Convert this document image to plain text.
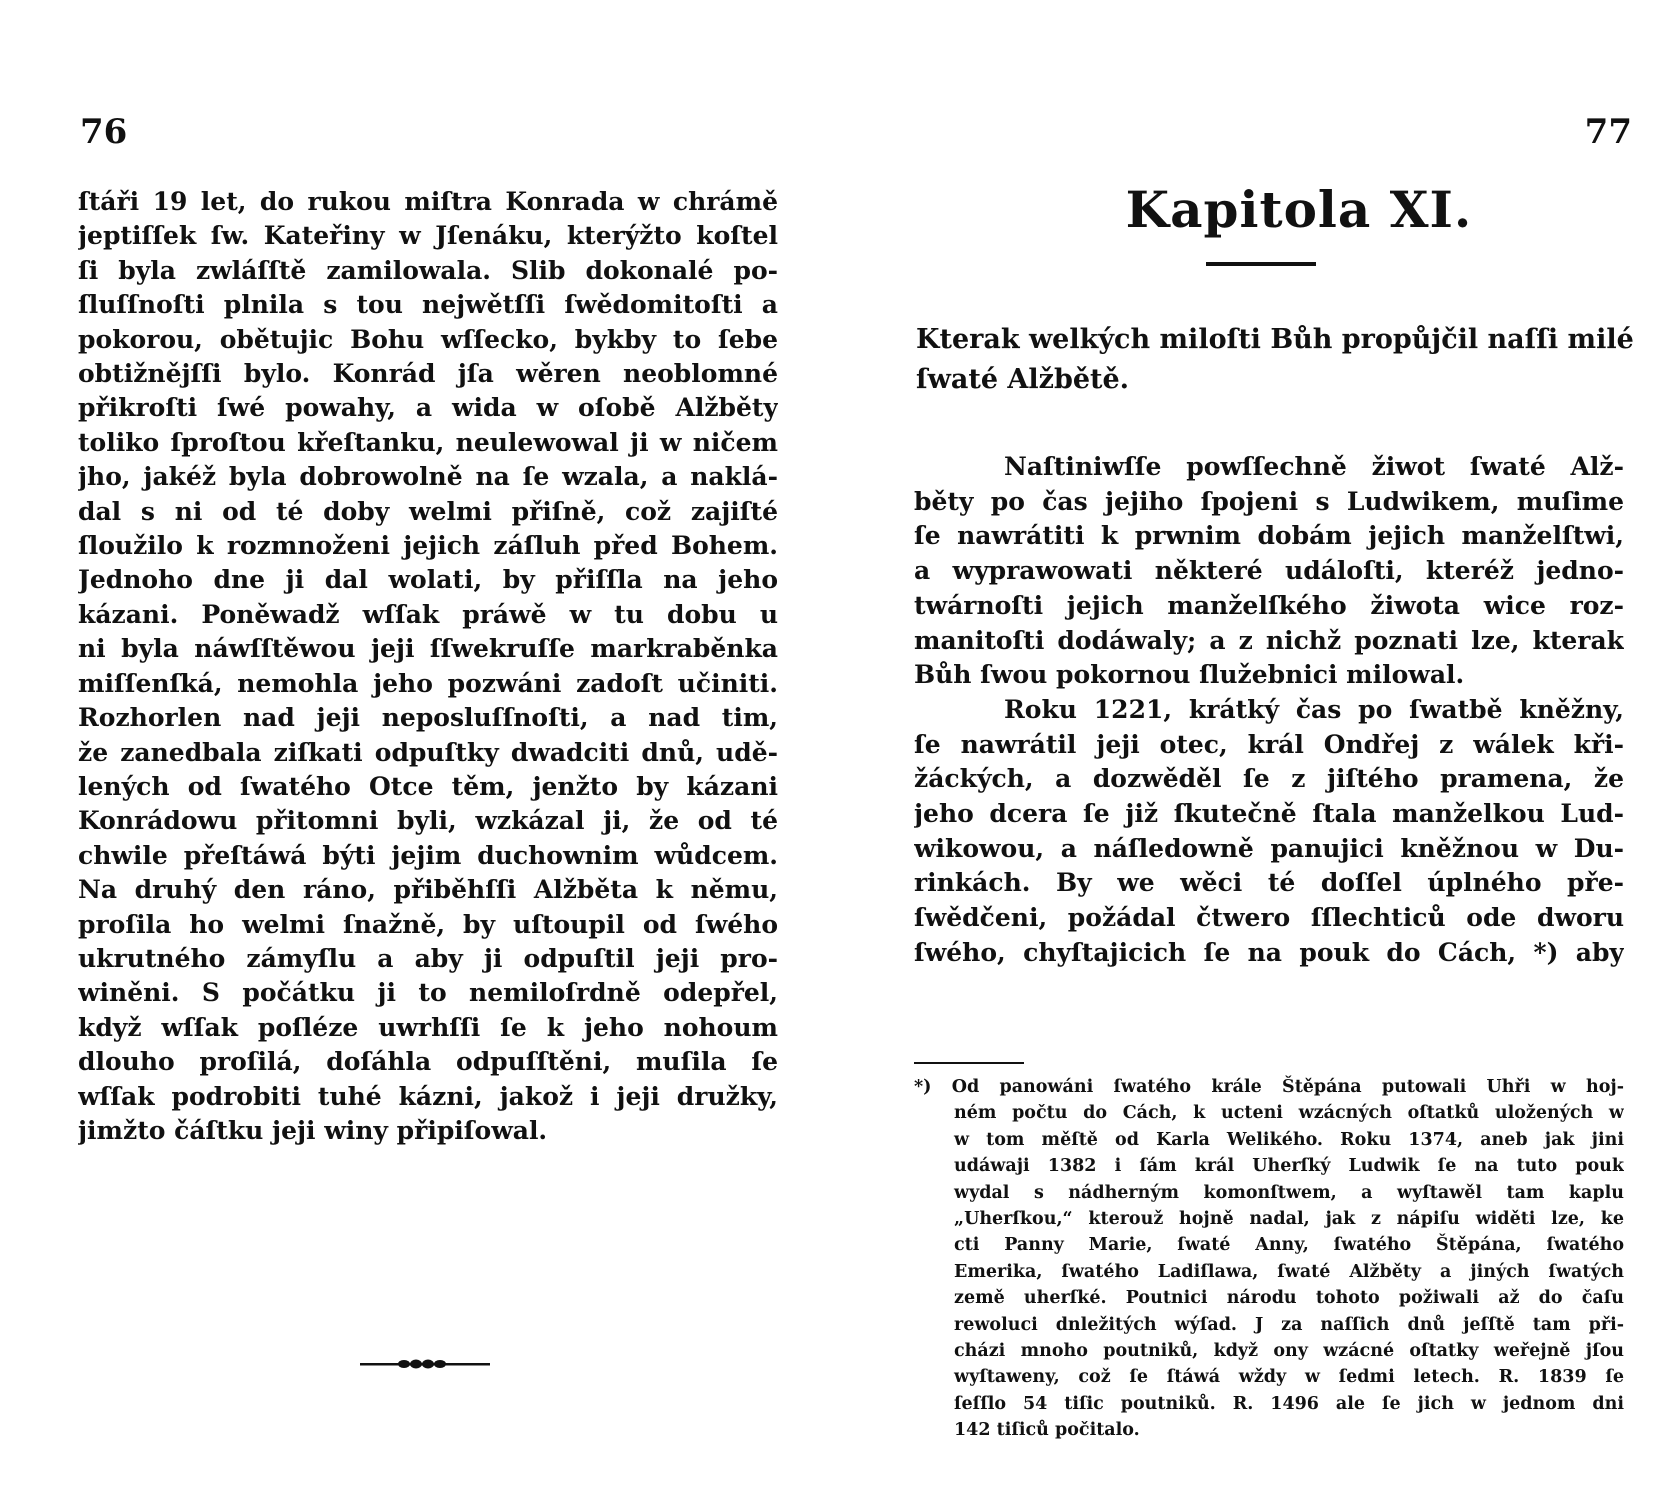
76
ſtáři 19 let, do rukou miſtra Konrada w chrámě
jeptiſſek ſw. Kateřiny w Jſenáku, kterýžto koſtel
ſi byla zwláſſtě zamilowala. Slib dokonalé po-
ſluſſnoſti plnila s tou nejwětſſi ſwědomitoſti a
pokorou, obětujic Bohu wſſecko, bykby to ſebe
obtižnějſſi bylo. Konrád jſa wěren neoblomné
přikroſti ſwé powahy, a wida w oſobě Alžběty
toliko ſproſtou křeſtanku, neulewowal ji w ničem
jho, jakéž byla dobrowolně na ſe wzala, a naklá-
dal s ni od té doby welmi přiſně, což zajiſté
ſloužilo k rozmnoženi jejich záſluh před Bohem.
Jednoho dne ji dal wolati, by přiſſla na jeho
kázani. Poněwadž wſſak práwě w tu dobu u
ni byla náwſſtěwou jeji ſſwekruſſe markraběnka
miſſenſká, nemohla jeho pozwáni zadoſt učiniti.
Rozhorlen nad jeji neposluſſnoſti, a nad tim,
že zanedbala ziſkati odpuſtky dwadciti dnů, udě-
lených od ſwatého Otce těm, jenžto by kázani
Konrádowu přitomni byli, wzkázal ji, že od té
chwile přeſtáwá býti jejim duchownim wůdcem.
Na druhý den ráno, přiběhſſi Alžběta k němu,
proſila ho welmi ſnažně, by uſtoupil od ſwého
ukrutného zámyſlu a aby ji odpuſtil jeji pro-
winěni. S počátku ji to nemiloſrdně odepřel,
když wſſak poſléze uwrhſſi ſe k jeho nohoum
dlouho proſilá, doſáhla odpuſſtěni, muſila ſe
wſſak podrobiti tuhé kázni, jakož i jeji družky,
jimžto čáſtku jeji winy připiſowal.
77
Kapitola XI.
Kterak welkých miloſti Bůh propůjčil naſſi milé
ſwaté Alžbětě.
Naſtiniwſſe powſſechně žiwot ſwaté Alž-
běty po čas jejiho ſpojeni s Ludwikem, muſime
ſe nawrátiti k prwnim dobám jejich manželſtwi,
a wyprawowati některé událoſti, kteréž jedno-
twárnoſti jejich manželſkého žiwota wice roz-
manitoſti dodáwaly; a z nichž poznati lze, kterak
Bůh ſwou pokornou ſlužebnici milowal.
Roku 1221, krátký čas po ſwatbě kněžny,
ſe nawrátil jeji otec, král Ondřej z wálek kři-
žáckých, a dozwěděl ſe z jiſtého pramena, že
jeho dcera ſe již ſkutečně ſtala manželkou Lud-
wikowou, a náſledowně panujici kněžnou w Du-
rinkách. By we wěci té doſſel úplného pře-
ſwědčeni, požádal čtwero ſſlechticů ode dworu
ſwého, chyſtajicich ſe na pouk do Cách, *) aby
*) Od panowáni ſwatého krále Štěpána putowali Uhři w hoj-
ném počtu do Cách, k ucteni wzácných oſtatků uložených w
w tom měſtě od Karla Welikého. Roku 1374, aneb jak jini
udáwaji 1382 i ſám král Uherſký Ludwik ſe na tuto pouk
wydal s nádherným komonſtwem, a wyſtawěl tam kaplu
„Uherſkou,“ kterouž hojně nadal, jak z nápiſu widěti lze, ke
cti Panny Marie, ſwaté Anny, ſwatého Štěpána, ſwatého
Emerika, ſwatého Ladiſlawa, ſwaté Alžběty a jiných ſwatých
země uherſké. Poutnici národu tohoto požiwali až do čaſu
rewoluci dnležitých wýſad. J za naſſich dnů jeſſtě tam při-
cházi mnoho poutniků, když ony wzácné oſtatky weřejně jſou
wyſtaweny, což ſe ſtáwá wždy w ſedmi letech. R. 1839 ſe
ſeſſlo 54 tiſic poutniků. R. 1496 ale ſe jich w jednom dni
142 tiſiců počitalo.
